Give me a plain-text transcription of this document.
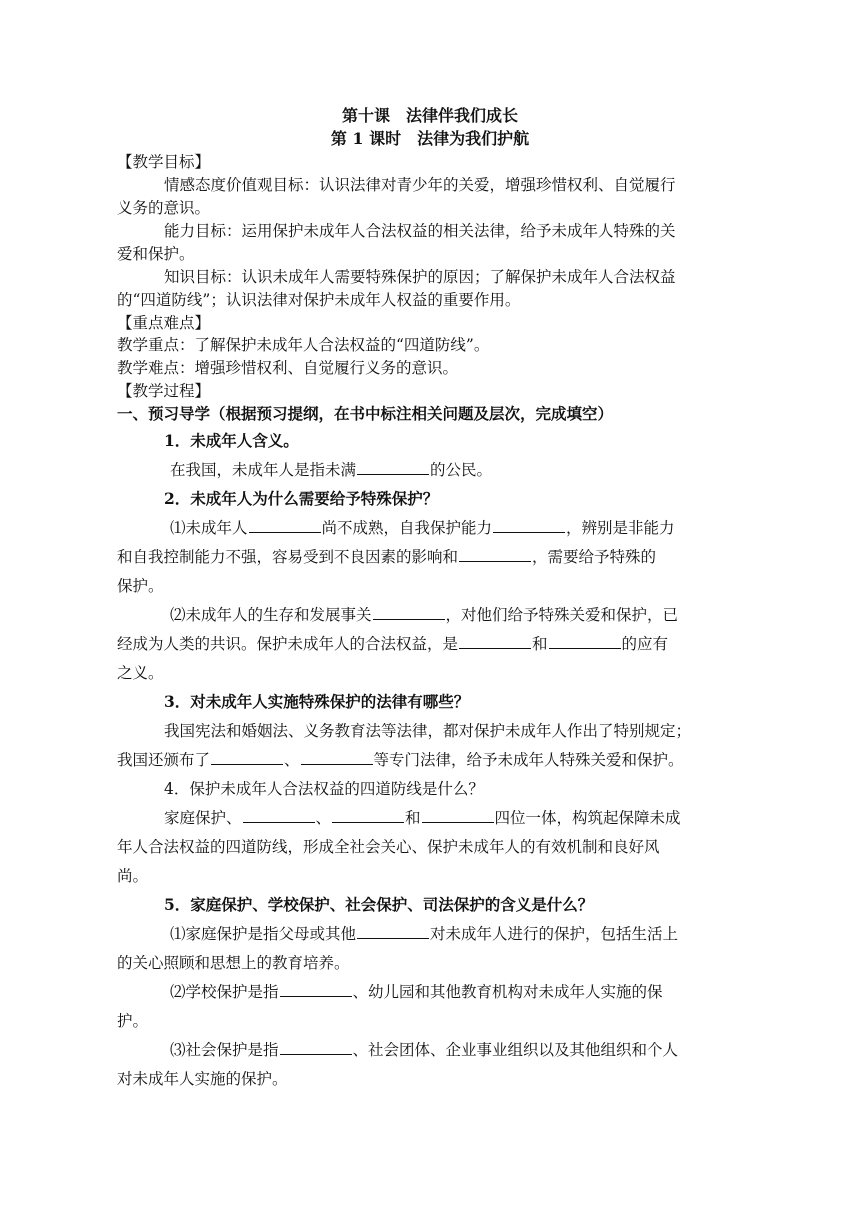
第十课　法律伴我们成长
第 1 课时　法律为我们护航
【教学目标】
情感态度价值观目标：认识法律对青少年的关爱，增强珍惜权利、自觉履行
义务的意识。
能力目标：运用保护未成年人合法权益的相关法律，给予未成年人特殊的关
爱和保护。
知识目标：认识未成年人需要特殊保护的原因；了解保护未成年人合法权益
的“四道防线”；认识法律对保护未成年人权益的重要作用。
【重点难点】
教学重点：了解保护未成年人合法权益的“四道防线”。
教学难点：增强珍惜权利、自觉履行义务的意识。
【教学过程】
一、预习导学（根据预习提纲，在书中标注相关问题及层次，完成填空）
1．未成年人含义。
在我国，未成年人是指未满	的公民。
2．未成年人为什么需要给予特殊保护？
⑴未成年人	尚不成熟，自我保护能力	，辨别是非能力
和自我控制能力不强，容易受到不良因素的影响和	，需要给予特殊的
保护。
⑵未成年人的生存和发展事关	，对他们给予特殊关爱和保护，已
经成为人类的共识。保护未成年人的合法权益，是	和	的应有
之义。
3．对未成年人实施特殊保护的法律有哪些？
我国宪法和婚姻法、义务教育法等法律，都对保护未成年人作出了特别规定；
我国还颁布了	、	等专门法律，给予未成年人特殊关爱和保护。
4．保护未成年人合法权益的四道防线是什么？
家庭保护、	、	和	四位一体，构筑起保障未成
年人合法权益的四道防线，形成全社会关心、保护未成年人的有效机制和良好风
尚。
5．家庭保护、学校保护、社会保护、司法保护的含义是什么？
⑴家庭保护是指父母或其他	对未成年人进行的保护，包括生活上
的关心照顾和思想上的教育培养。
⑵学校保护是指	、幼儿园和其他教育机构对未成年人实施的保
护。
⑶社会保护是指	、社会团体、企业事业组织以及其他组织和个人
对未成年人实施的保护。
